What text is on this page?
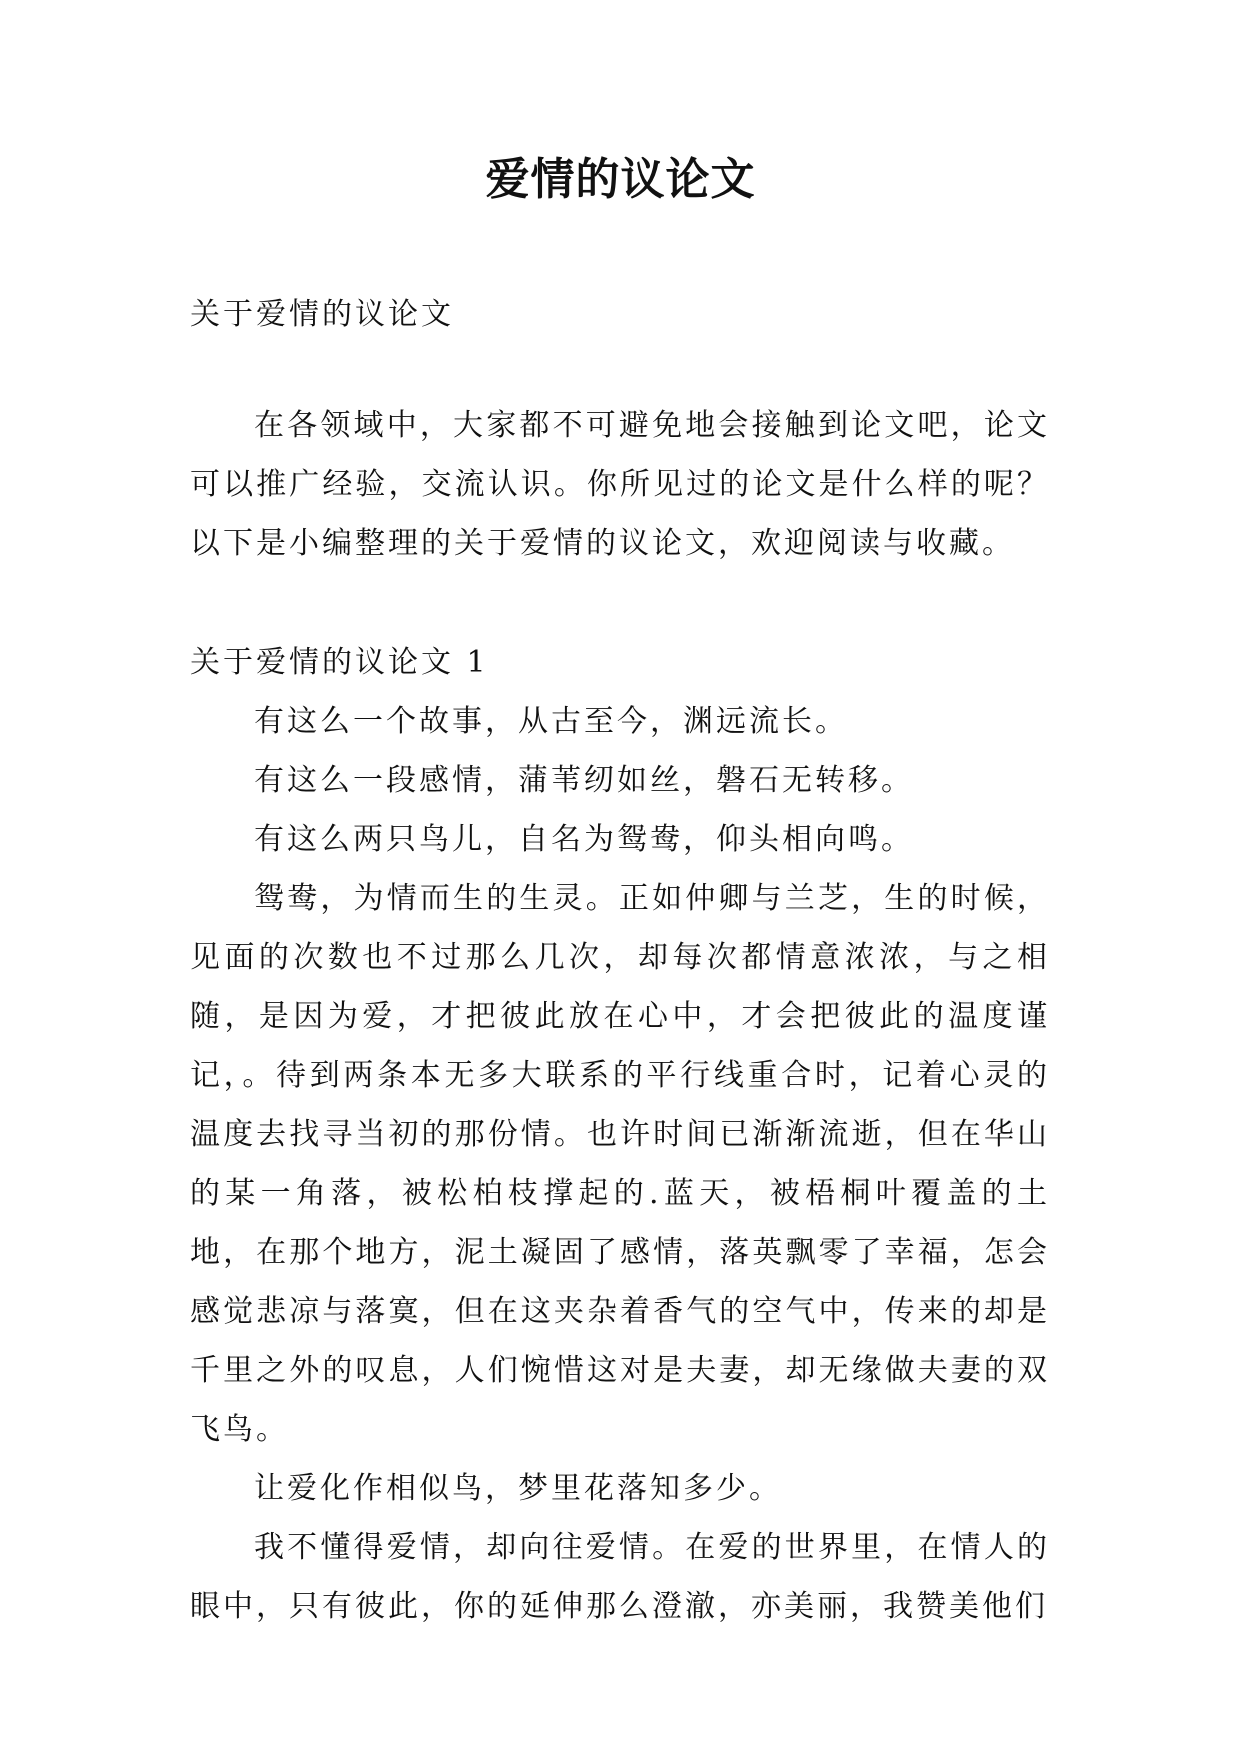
爱情的议论文

关于爱情的议论文

在各领域中，大家都不可避免地会接触到论文吧，论文可以推广经验，交流认识。你所见过的论文是什么样的呢？以下是小编整理的关于爱情的议论文，欢迎阅读与收藏。

关于爱情的议论文 1

有这么一个故事，从古至今，渊远流长。

有这么一段感情，蒲苇纫如丝，磐石无转移。

有这么两只鸟儿，自名为鸳鸯，仰头相向鸣。

鸳鸯，为情而生的生灵。正如仲卿与兰芝，生的时候，见面的次数也不过那么几次，却每次都情意浓浓，与之相随，是因为爱，才把彼此放在心中，才会把彼此的温度谨记，。待到两条本无多大联系的平行线重合时，记着心灵的温度去找寻当初的那份情。也许时间已渐渐流逝，但在华山的某一角落，被松柏枝撑起的.蓝天，被梧桐叶覆盖的土地，在那个地方，泥土凝固了感情，落英飘零了幸福，怎会感觉悲凉与落寞，但在这夹杂着香气的空气中，传来的却是千里之外的叹息，人们惋惜这对是夫妻，却无缘做夫妻的双飞鸟。

让爱化作相似鸟，梦里花落知多少。

我不懂得爱情，却向往爱情。在爱的世界里，在情人的眼中，只有彼此，你的延伸那么澄澈，亦美丽，我赞美他们
